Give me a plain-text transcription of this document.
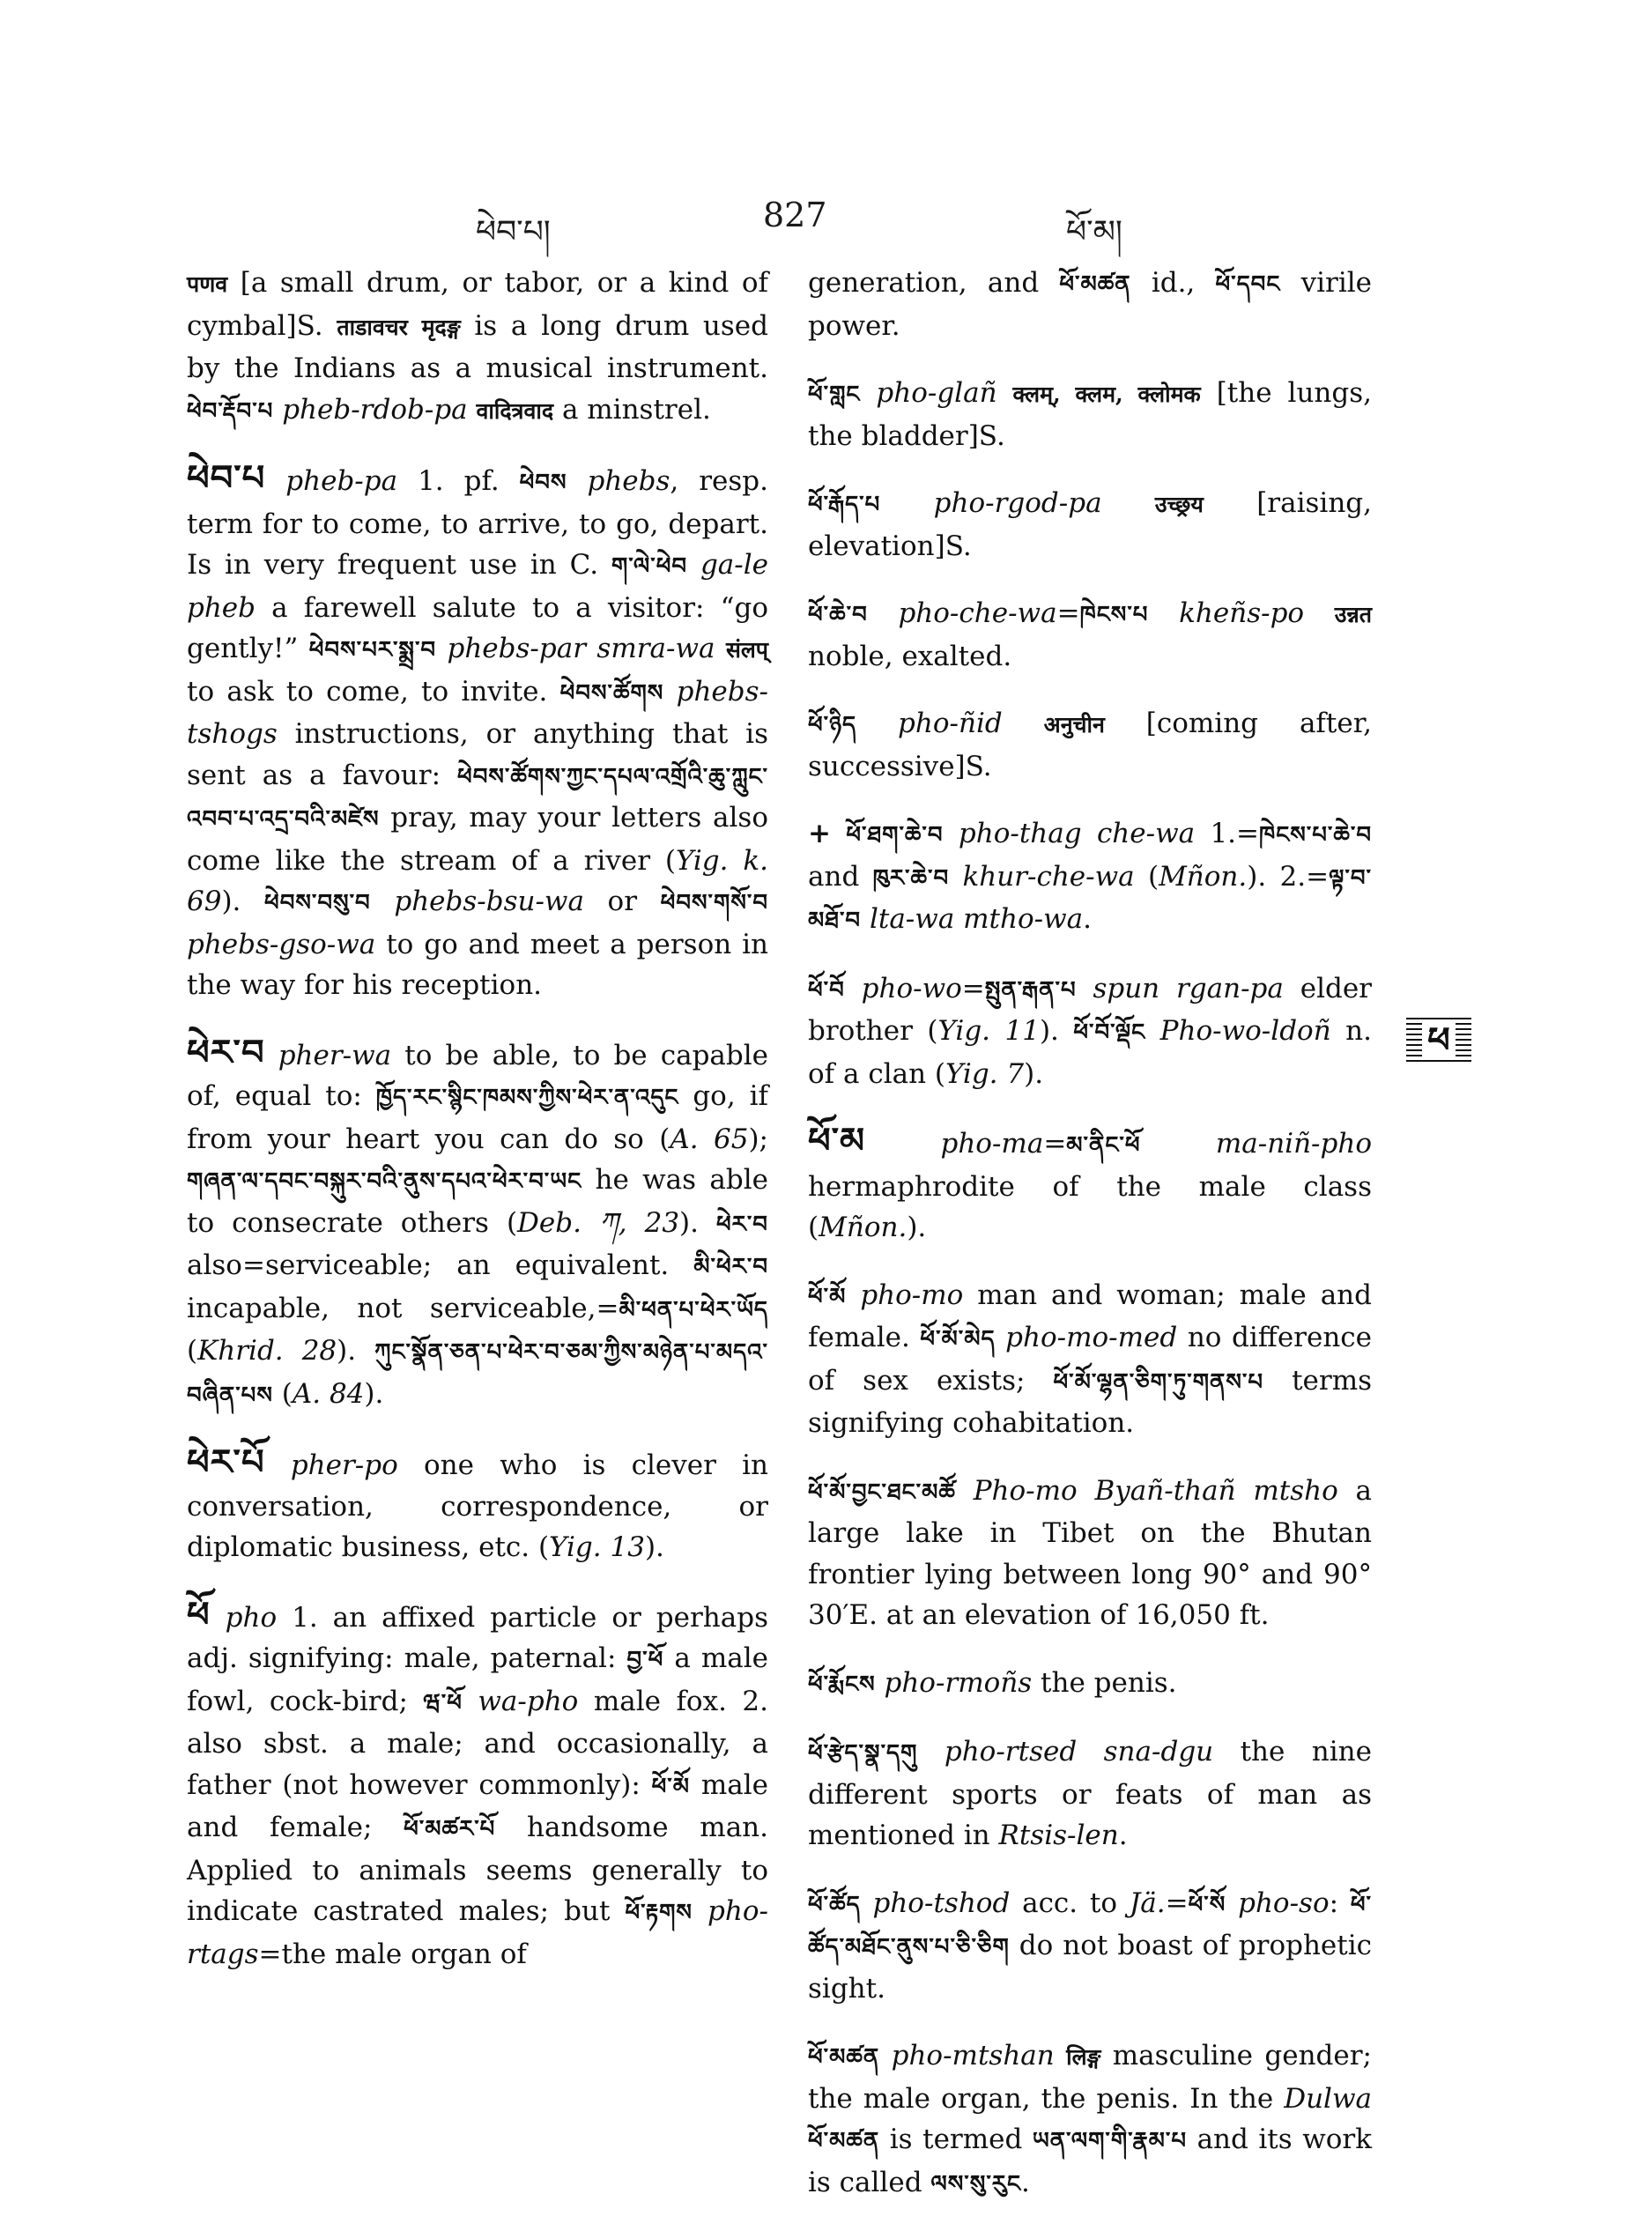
ཕེབ་པ།	827	ཕོ་མ།
ཕ

पणव [a small drum, or tabor, or a kind of cymbal]S. ताडावचर मृदङ्ग is a long drum used by the Indians as a musical instrument. ཕེབ་རྡོབ་པ pheb-rdob-pa वादित्रवाद a minstrel.

ཕེབ་པ pheb-pa 1. pf. ཕེབས phebs, resp. term for to come, to arrive, to go, depart. Is in very frequent use in C. ག་ལེ་ཕེབ ga-le pheb a farewell salute to a visitor: “go gently!” ཕེབས་པར་སྨྲ་བ phebs-par smra-wa संलप् to ask to come, to invite. ཕེབས་ཚོགས phebs-tshogs instructions, or anything that is sent as a favour: ཕེབས་ཚོགས་ཀྱང་དཔལ་འགྲོའི་ཆུ་ཀླུང་འབབ་པ་འདྲ་བའི་མཛེས pray, may your letters also come like the stream of a river (Yig. k. 69). ཕེབས་བསུ་བ phebs-bsu-wa or ཕེབས་གསོ་བ phebs-gso-wa to go and meet a person in the way for his reception.

ཕེར་བ pher-wa to be able, to be capable of, equal to: ཁྱོད་རང་སྙིང་ཁམས་ཀྱིས་ཕེར་ན་འདུང go, if from your heart you can do so (A. 65); གཞན་ལ་དབང་བསྐུར་བའི་ནུས་དཔའ་ཕེར་བ་ཡང he was able to consecrate others (Deb. ཀ, 23). ཕེར་བ also=serviceable; an equivalent. མི་ཕེར་བ incapable, not serviceable,=མི་ཕན་པ་ཕེར་ཡོད (Khrid. 28). ཀུང་སྣོན་ཅན་པ་ཕེར་བ་ཅམ་ཀྱིས་མཉེན་པ་མདའ་བཞིན་པས (A. 84).

ཕེར་པོ pher-po one who is clever in conversation, correspondence, or diplomatic business, etc. (Yig. 13).

ཕོ pho 1. an affixed particle or perhaps adj. signifying: male, paternal: བྱ་ཕོ a male fowl, cock-bird; ཝ་ཕོ wa-pho male fox. 2. also sbst. a male; and occasionally, a father (not however commonly): ཕོ་མོ male and female; ཕོ་མཚར་པོ handsome man. Applied to animals seems generally to indicate castrated males; but ཕོ་རྟགས pho-rtags=the male organ of

generation, and ཕོ་མཚན id., ཕོ་དབང virile power.

ཕོ་གླང pho-glañ क्लम्, क्लम, क्लोमक [the lungs, the bladder]S.

ཕོ་རྒོད་པ pho-rgod-pa उच्छ्रय [raising, elevation]S.

ཕོ་ཆེ་བ pho-che-wa=ཁེངས་པ kheñs-po उन्नत noble, exalted.

ཕོ་ཉིད pho-ñid अनुचीन [coming after, successive]S.

+ ཕོ་ཐག་ཆེ་བ pho-thag che-wa 1.=ཁེངས་པ་ཆེ་བ and ཁུར་ཆེ་བ khur-che-wa (Mñon.). 2.=ལྟ་བ་མཐོ་བ lta-wa mtho-wa.

ཕོ་བོ pho-wo=སྤུན་རྒན་པ spun rgan-pa elder brother (Yig. 11). ཕོ་བོ་ལྡོང Pho-wo-ldoñ n. of a clan (Yig. 7).

ཕོ་མ	pho-ma=མ་ནིང་ཕོ	ma-niñ-pho hermaphrodite of the male class (Mñon.).

ཕོ་མོ pho-mo man and woman; male and female. ཕོ་མོ་མེད pho-mo-med no difference of sex exists; ཕོ་མོ་ལྷན་ཅིག་ཏུ་གནས་པ terms signifying cohabitation.

ཕོ་མོ་བྱང་ཐང་མཚོ Pho-mo Byañ-thañ mtsho a large lake in Tibet on the Bhutan frontier lying between long 90° and 90° 30′E. at an elevation of 16,050 ft.

ཕོ་རྨོངས pho-rmoñs the penis.

ཕོ་རྩེད་སྣ་དགུ pho-rtsed sna-dgu the nine different sports or feats of man as mentioned in Rtsis-len.

ཕོ་ཚོད pho-tshod acc. to Jä.=ཕོ་སོ pho-so: ཕོ་ཚོད་མཐོང་ནུས་པ་ཅི་ཅིག do not boast of prophetic sight.

ཕོ་མཚན pho-mtshan लिङ्ग masculine gender; the male organ, the penis. In the Dulwa ཕོ་མཚན is termed ཡན་ལག་གི་རྣམ་པ and its work is called ལས་སུ་རུང.
